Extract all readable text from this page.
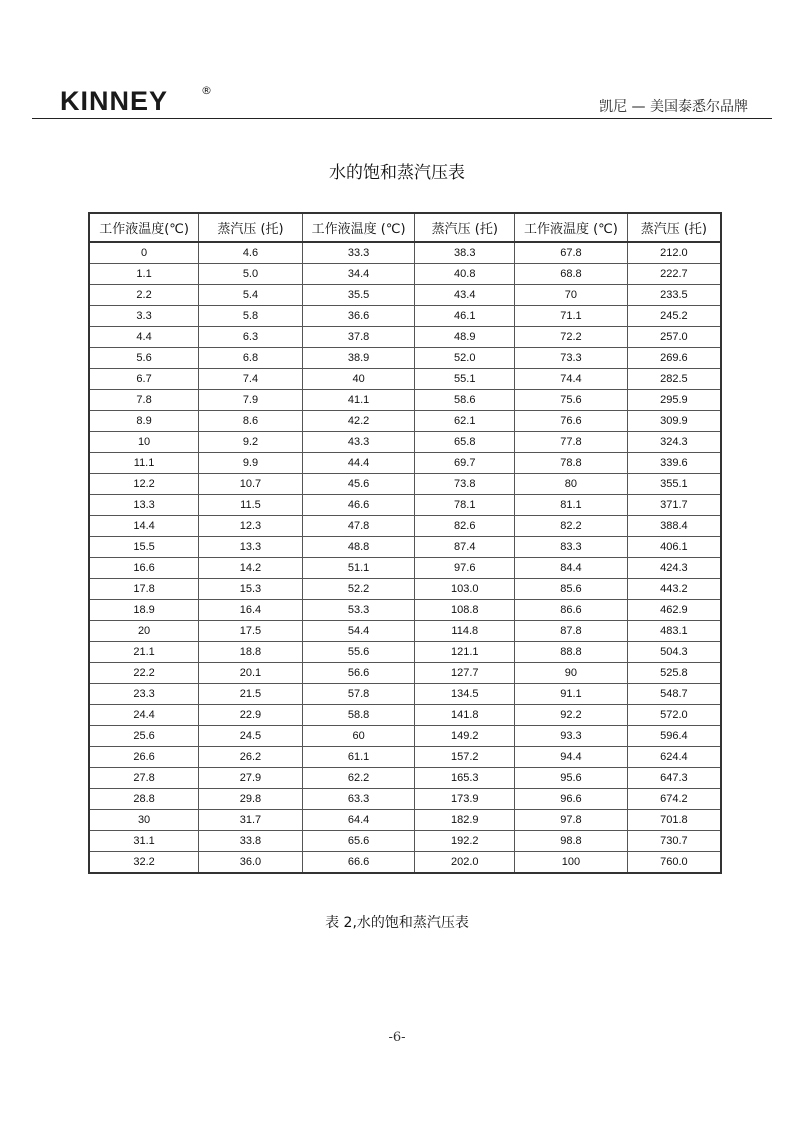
KINNEY	®
凯尼 — 美国泰悉尔品牌
水的饱和蒸汽压表
工作液温度(℃)	蒸汽压 (托)	工作液温度 (℃)	蒸汽压 (托)	工作液温度 (℃)	蒸汽压 (托)
0	4.6	33.3	38.3	67.8	212.0
1.1	5.0	34.4	40.8	68.8	222.7
2.2	5.4	35.5	43.4	70	233.5
3.3	5.8	36.6	46.1	71.1	245.2
4.4	6.3	37.8	48.9	72.2	257.0
5.6	6.8	38.9	52.0	73.3	269.6
6.7	7.4	40	55.1	74.4	282.5
7.8	7.9	41.1	58.6	75.6	295.9
8.9	8.6	42.2	62.1	76.6	309.9
10	9.2	43.3	65.8	77.8	324.3
11.1	9.9	44.4	69.7	78.8	339.6
12.2	10.7	45.6	73.8	80	355.1
13.3	11.5	46.6	78.1	81.1	371.7
14.4	12.3	47.8	82.6	82.2	388.4
15.5	13.3	48.8	87.4	83.3	406.1
16.6	14.2	51.1	97.6	84.4	424.3
17.8	15.3	52.2	103.0	85.6	443.2
18.9	16.4	53.3	108.8	86.6	462.9
20	17.5	54.4	114.8	87.8	483.1
21.1	18.8	55.6	121.1	88.8	504.3
22.2	20.1	56.6	127.7	90	525.8
23.3	21.5	57.8	134.5	91.1	548.7
24.4	22.9	58.8	141.8	92.2	572.0
25.6	24.5	60	149.2	93.3	596.4
26.6	26.2	61.1	157.2	94.4	624.4
27.8	27.9	62.2	165.3	95.6	647.3
28.8	29.8	63.3	173.9	96.6	674.2
30	31.7	64.4	182.9	97.8	701.8
31.1	33.8	65.6	192.2	98.8	730.7
32.2	36.0	66.6	202.0	100	760.0
表 2,水的饱和蒸汽压表
-6-
